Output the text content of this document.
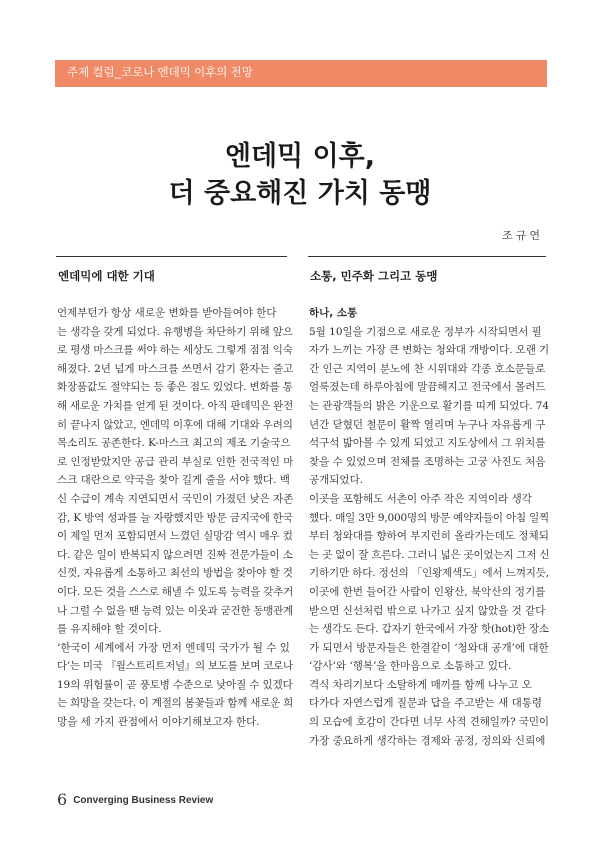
주제 컬럼_코로나 엔데믹 이후의 전망
엔데믹 이후,
더 중요해진 가치 동맹
조 규 연
엔데믹에 대한 기대	소통, 민주화 그리고 동맹
언제부턴가 항상 새로운 변화를 받아들여야 한다
는 생각을 갖게 되었다. 유행병을 차단하기 위해 앞으
로 평생 마스크를 써야 하는 세상도 그렇게 점점 익숙
해졌다. 2년 넘게 마스크를 쓰면서 감기 환자는 줄고
화장품값도 절약되는 등 좋은 점도 있었다. 변화를 통
해 새로운 가치를 얻게 된 것이다. 아직 판데믹은 완전
히 끝나지 않았고, 엔데믹 이후에 대해 기대와 우려의
목소리도 공존한다. K-마스크 최고의 제조 기술국으
로 인정받았지만 공급 관리 부실로 인한 전국적인 마
스크 대란으로 약국을 찾아 길게 줄을 서야 했다. 백
신 수급이 계속 지연되면서 국민이 가졌던 낮은 자존
감, K 방역 성과를 늘 자랑했지만 방문 금지국에 한국
이 제일 먼저 포함되면서 느꼈던 실망감 역시 매우 컸
다. 같은 일이 반복되지 않으려면 진짜 전문가들이 소
신껏, 자유롭게 소통하고 최선의 방법을 찾아야 할 것
이다. 모든 것을 스스로 해낼 수 있도록 능력을 갖추거
나 그럴 수 없을 땐 능력 있는 이웃과 굳건한 동맹관계
를 유지해야 할 것이다.
‘한국이 세계에서 가장 먼저 엔데믹 국가가 될 수 있
다’는 미국 『월스트리트저널』의 보도를 보며 코로나
19의 위험률이 곧 풍토병 수준으로 낮아질 수 있겠다
는 희망을 갖는다. 이 계절의 봄꽃들과 함께 새로운 희
망을 세 가지 관점에서 이야기해보고자 한다.
하나, 소통
5월 10일을 기점으로 새로운 정부가 시작되면서 필
자가 느끼는 가장 큰 변화는 청와대 개방이다. 오랜 기
간 인근 지역이 분노에 찬 시위대와 각종 호소문들로
얼룩졌는데 하루아침에 말끔해지고 전국에서 몰려드
는 관광객들의 밝은 기운으로 활기를 띠게 되었다. 74
년간 닫혔던 철문이 활짝 열리며 누구나 자유롭게 구
석구석 밟아볼 수 있게 되었고 지도상에서 그 위치를
찾을 수 있었으며 전체를 조명하는 고궁 사진도 처음
공개되었다.
이곳을 포함해도 서촌이 아주 작은 지역이라 생각
했다. 매일 3만 9,000명의 방문 예약자들이 아침 일찍
부터 청와대를 향하여 부지런히 올라가는데도 정체되
는 곳 없이 잘 흐른다. 그러니 넓은 곳이었는지 그저 신
기하기만 하다. 정선의 「인왕제색도」에서 느껴지듯,
이곳에 한번 들어간 사람이 인왕산, 북악산의 정기를
받으면 신선처럼 밖으로 나가고 싶지 않았을 것 같다
는 생각도 든다. 갑자기 한국에서 가장 핫(hot)한 장소
가 되면서 방문자들은 한결같이 ‘청와대 공개’에 대한
‘감사’와 ‘행복’을 한마음으로 소통하고 있다.
격식 차리기보다 소탈하게 매끼를 함께 나누고 오
다가다 자연스럽게 질문과 답을 주고받는 새 대통령
의 모습에 호감이 간다면 너무 사적 견해일까? 국민이
가장 중요하게 생각하는 경제와 공정, 정의와 신뢰에
6 Converging Business Review
